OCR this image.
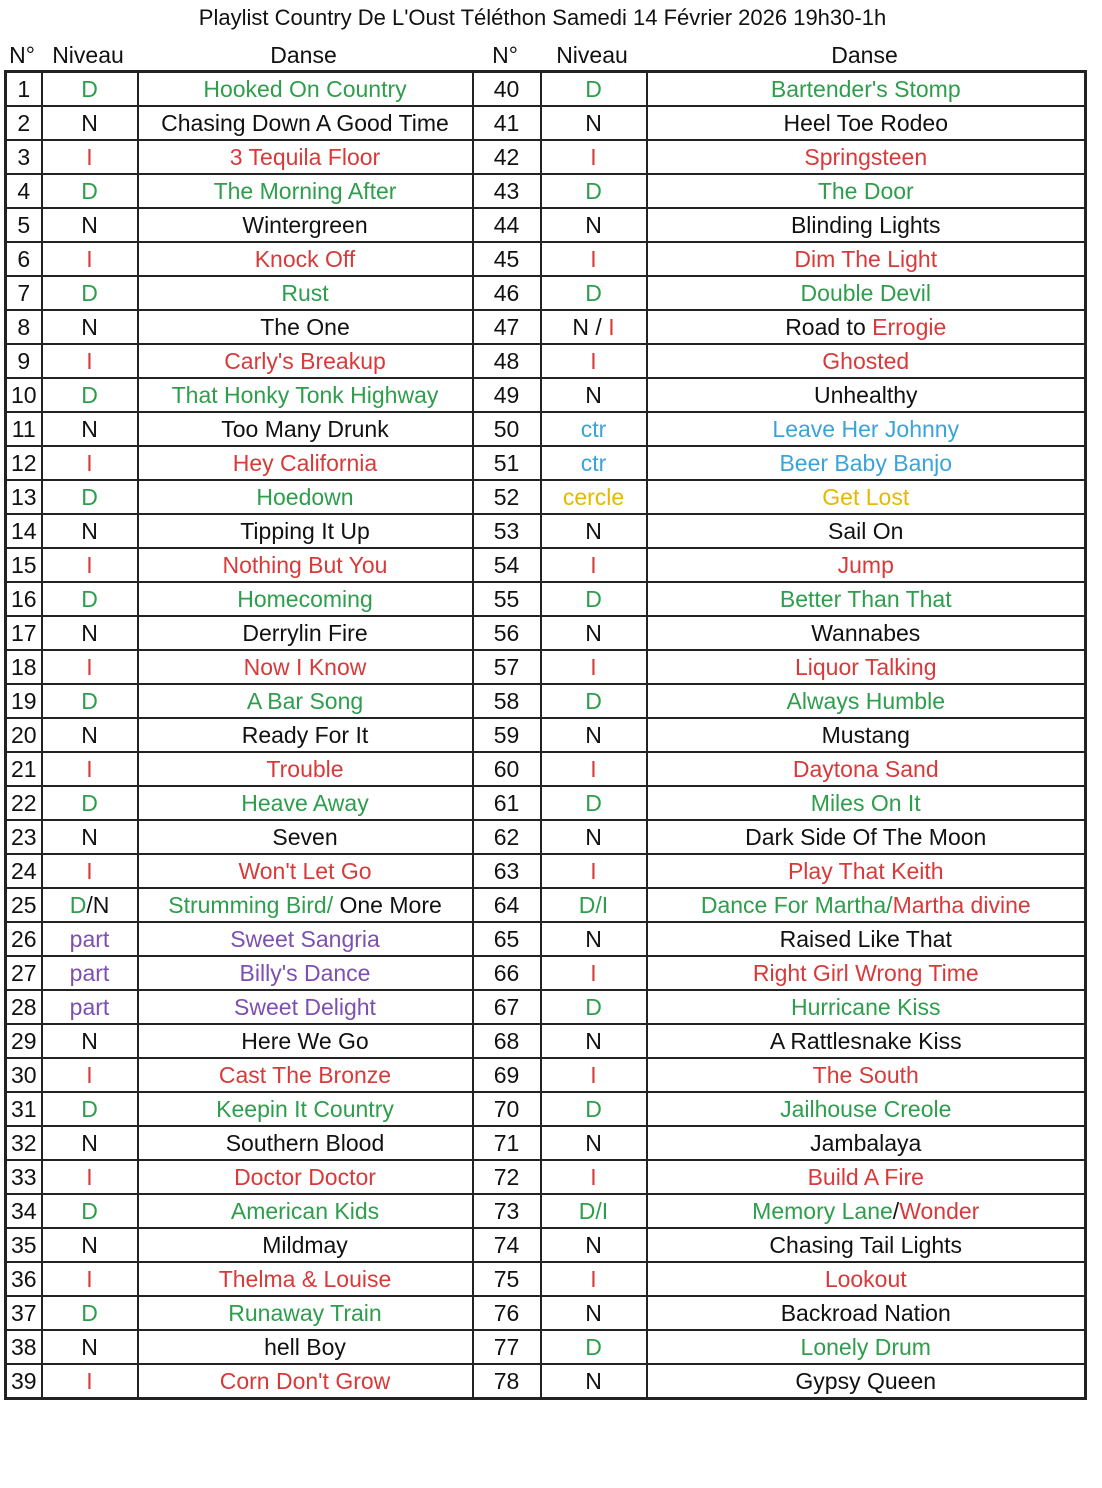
Playlist Country De L'Oust Téléthon Samedi 14 Février 2026 19h30-1h
N° Niveau	Danse	N°	Niveau	Danse
1	D	Hooked On Country	40	D	Bartender's Stomp
2	N	Chasing Down A Good Time	41	N	Heel Toe Rodeo
3	I	3 Tequila Floor	42	I	Springsteen
4	D	The Morning After	43	D	The Door
5	N	Wintergreen	44	N	Blinding Lights
6	I	Knock Off	45	I	Dim The Light
7	D	Rust	46	D	Double Devil
8	N	The One	47	N / I	Road to Errogie
9	I	Carly's Breakup	48	I	Ghosted
10	D	That Honky Tonk Highway	49	N	Unhealthy
11	N	Too Many Drunk	50	ctr	Leave Her Johnny
12	I	Hey California	51	ctr	Beer Baby Banjo
13	D	Hoedown	52	cercle	Get Lost
14	N	Tipping It Up	53	N	Sail On
15	I	Nothing But You	54	I	Jump
16	D	Homecoming	55	D	Better Than That
17	N	Derrylin Fire	56	N	Wannabes
18	I	Now I Know	57	I	Liquor Talking
19	D	A Bar Song	58	D	Always Humble
20	N	Ready For It	59	N	Mustang
21	I	Trouble	60	I	Daytona Sand
22	D	Heave Away	61	D	Miles On It
23	N	Seven	62	N	Dark Side Of The Moon
24	I	Won't Let Go	63	I	Play That Keith
25	D/N	Strumming Bird/ One More	64	D/I	Dance For Martha/Martha divine
26	part	Sweet Sangria	65	N	Raised Like That
27	part	Billy's Dance	66	I	Right Girl Wrong Time
28	part	Sweet Delight	67	D	Hurricane Kiss
29	N	Here We Go	68	N	A Rattlesnake Kiss
30	I	Cast The Bronze	69	I	The South
31	D	Keepin It Country	70	D	Jailhouse Creole
32	N	Southern Blood	71	N	Jambalaya
33	I	Doctor Doctor	72	I	Build A Fire
34	D	American Kids	73	D/I	Memory Lane/Wonder
35	N	Mildmay	74	N	Chasing Tail Lights
36	I	Thelma & Louise	75	I	Lookout
37	D	Runaway Train	76	N	Backroad Nation
38	N	hell Boy	77	D	Lonely Drum
39	I	Corn Don't Grow	78	N	Gypsy Queen
